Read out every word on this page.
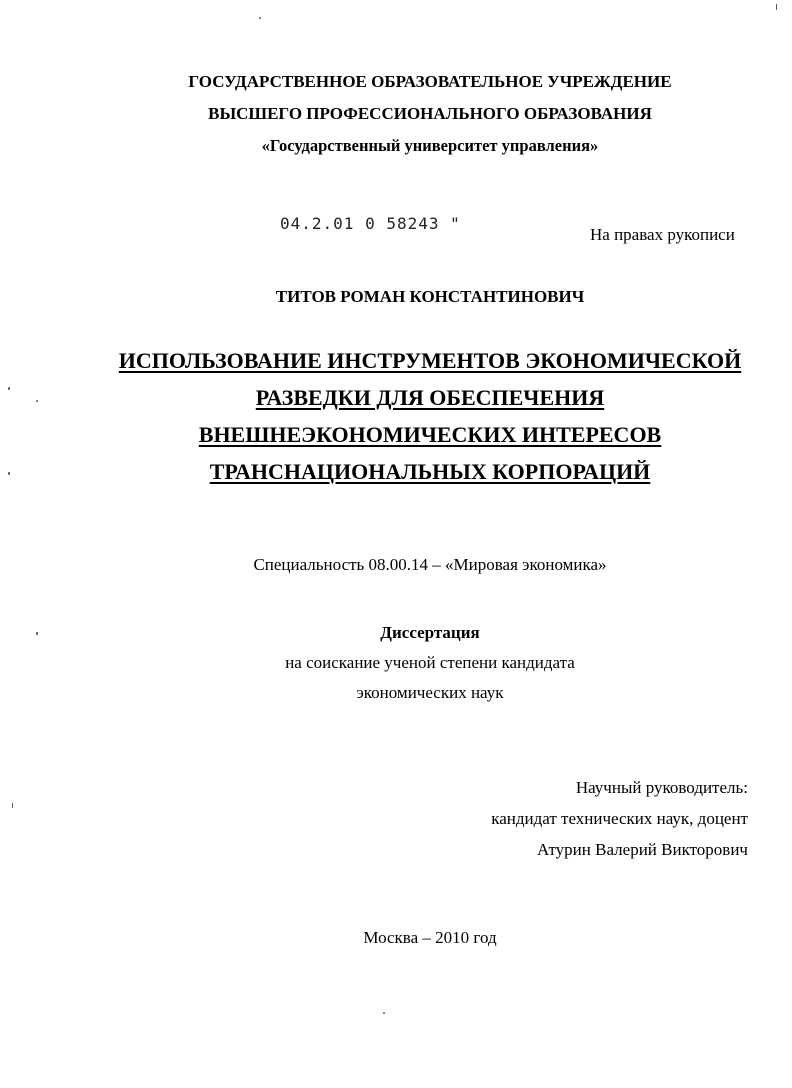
ГОСУДАРСТВЕННОЕ ОБРАЗОВАТЕЛЬНОЕ УЧРЕЖДЕНИЕ
ВЫСШЕГО ПРОФЕССИОНАЛЬНОГО ОБРАЗОВАНИЯ
«Государственный университет управления»
04.2.01 0 58243 "
На правах рукописи
ТИТОВ РОМАН КОНСТАНТИНОВИЧ
ИСПОЛЬЗОВАНИЕ ИНСТРУМЕНТОВ ЭКОНОМИЧЕСКОЙ
РАЗВЕДКИ ДЛЯ ОБЕСПЕЧЕНИЯ
ВНЕШНЕЭКОНОМИЧЕСКИХ ИНТЕРЕСОВ
ТРАНСНАЦИОНАЛЬНЫХ КОРПОРАЦИЙ
Специальность 08.00.14 – «Мировая экономика»
Диссертация
на соискание ученой степени кандидата
экономических наук
Научный руководитель:
кандидат технических наук, доцент
Атурин Валерий Викторович
Москва – 2010 год
